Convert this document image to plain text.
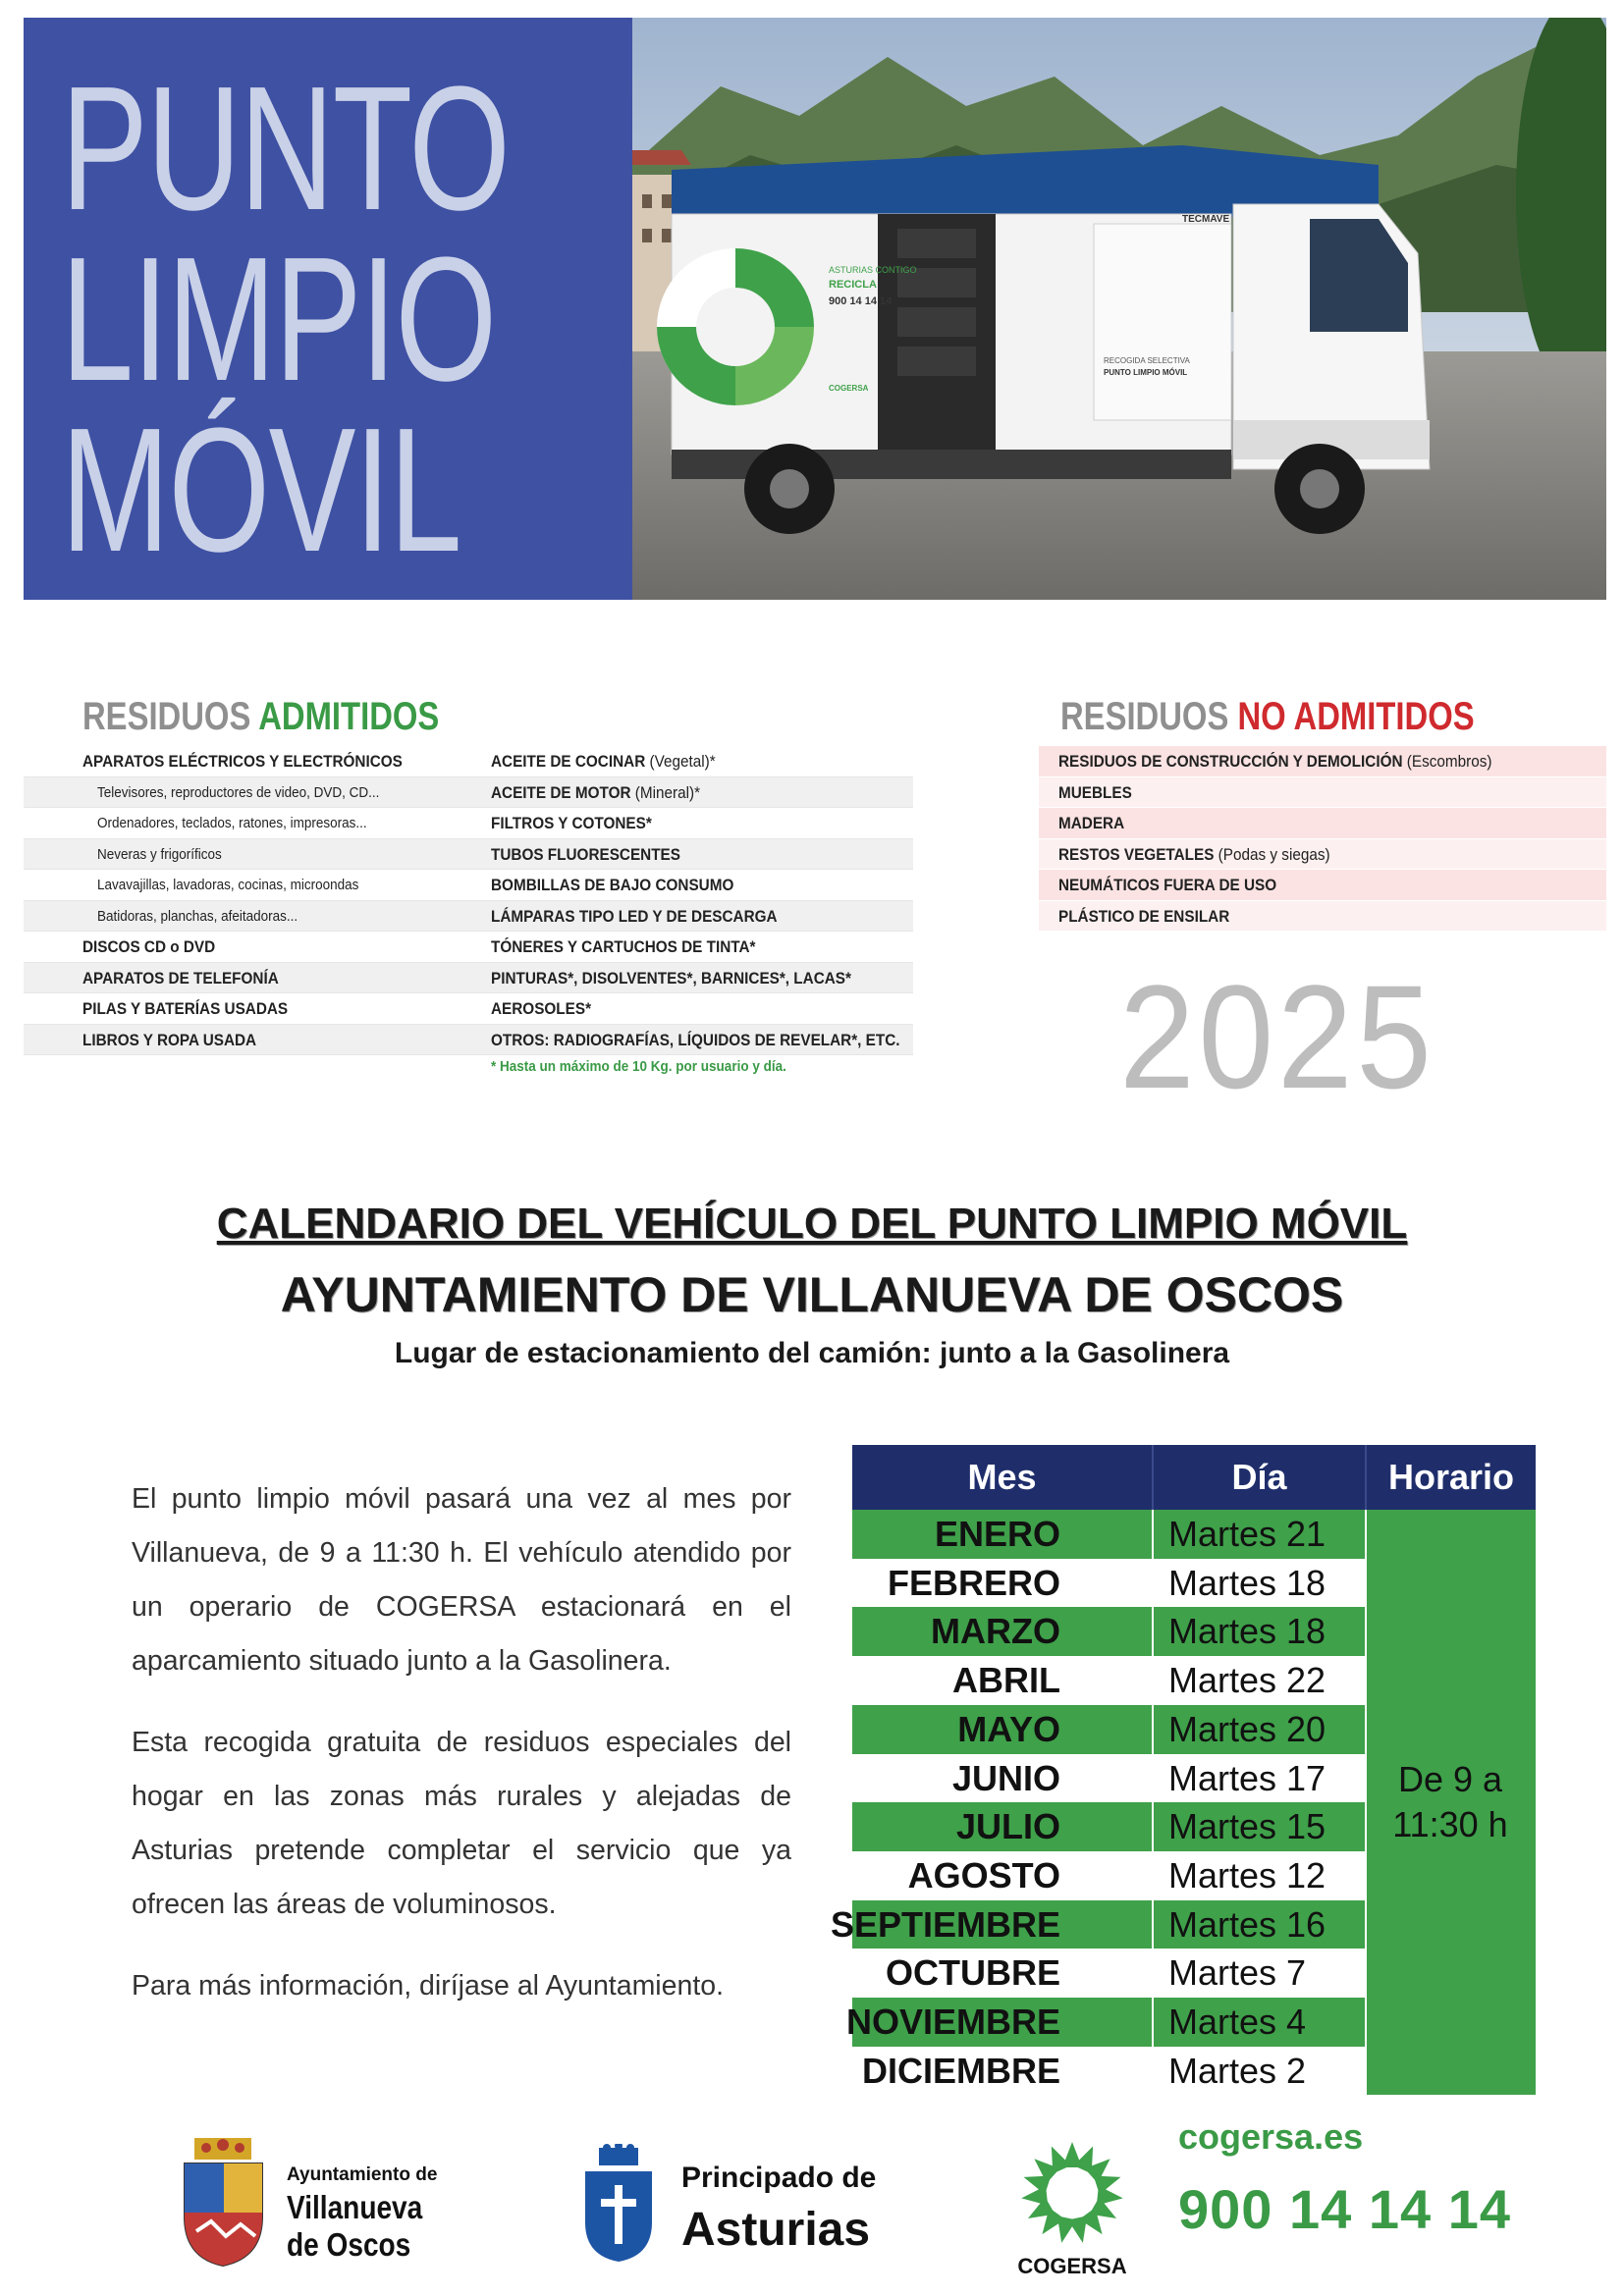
PUNTO
LIMPIO
MÓVIL
ASTURIAS CONTIGO
RECICLA
900 14 14 14
COGERSA
RECOGIDA SELECTIVA
PUNTO LIMPIO MÓVIL
TECMAVE
RESIDUOS ADMITIDOS
APARATOS ELÉCTRICOS Y ELECTRÓNICOS	ACEITE DE COCINAR (Vegetal)*
Televisores, reproductores de video, DVD, CD...	ACEITE DE MOTOR (Mineral)*
Ordenadores, teclados, ratones, impresoras...	FILTROS Y COTONES*
Neveras y frigoríficos	TUBOS FLUORESCENTES
Lavavajillas, lavadoras, cocinas, microondas	BOMBILLAS DE BAJO CONSUMO
Batidoras, planchas, afeitadoras...	LÁMPARAS TIPO LED Y DE DESCARGA
DISCOS CD o DVD	TÓNERES Y CARTUCHOS DE TINTA*
APARATOS DE TELEFONÍA	PINTURAS*, DISOLVENTES*, BARNICES*, LACAS*
PILAS Y BATERÍAS USADAS	AEROSOLES*
LIBROS Y ROPA USADA	OTROS: RADIOGRAFÍAS, LÍQUIDOS DE REVELAR*, ETC.
* Hasta un máximo de 10 Kg. por usuario y día.
RESIDUOS NO ADMITIDOS
RESIDUOS DE CONSTRUCCIÓN Y DEMOLICIÓN (Escombros)
MUEBLES
MADERA
RESTOS VEGETALES (Podas y siegas)
NEUMÁTICOS FUERA DE USO
PLÁSTICO DE ENSILAR
2025
CALENDARIO DEL VEHÍCULO DEL PUNTO LIMPIO MÓVIL
AYUNTAMIENTO DE VILLANUEVA DE OSCOS
Lugar de estacionamiento del camión: junto a la Gasolinera

El punto limpio móvil pasará una vez al mes por Villanueva, de 9 a 11:30 h. El vehículo atendido por un operario de COGERSA estacionará en el aparcamiento situado junto a la Gasolinera.

Esta recogida gratuita de residuos especiales del hogar en las zonas más rurales y alejadas de Asturias pretende completar el servicio que ya ofrecen las áreas de voluminosos.

Para más información, diríjase al Ayuntamiento.

Mes	Día	Horario
ENERO	Martes 21
FEBRERO	Martes 18
MARZO	Martes 18
ABRIL	Martes 22
MAYO	Martes 20
JUNIO	Martes 17
JULIO	Martes 15
AGOSTO	Martes 12
SEPTIEMBRE	Martes 16
OCTUBRE	Martes 7
NOVIEMBRE	Martes 4
DICIEMBRE	Martes 2
De 9 a 11:30 h
Ayuntamiento de
Villanueva
de Oscos
Principado de
Asturias
COGERSA
cogersa.es
900 14 14 14
